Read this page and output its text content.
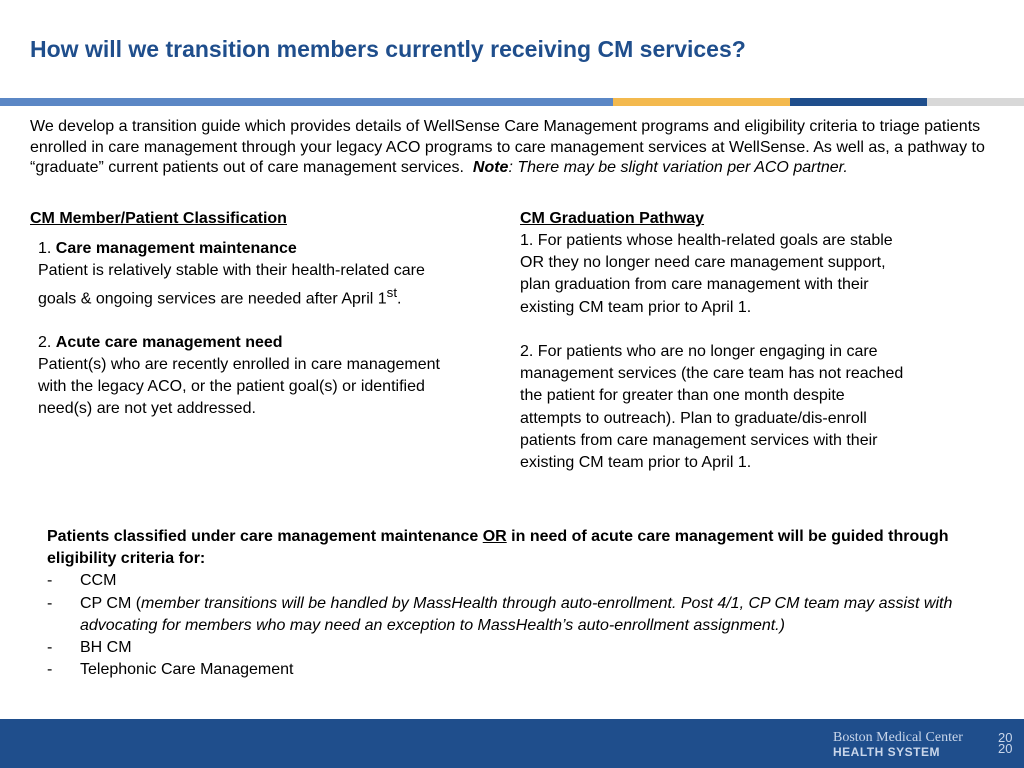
How will we transition members currently receiving CM services?

We develop a transition guide which provides details of WellSense Care Management programs and eligibility criteria to triage patients enrolled in care management through your legacy ACO programs to care management services at WellSense. As well as, a pathway to “graduate” current patients out of care management services. Note: There may be slight variation per ACO partner.

CM Member/Patient Classification

1. Care management maintenance
Patient is relatively stable with their health-related care goals & ongoing services are needed after April 1st.

2. Acute care management need
Patient(s) who are recently enrolled in care management with the legacy ACO, or the patient goal(s) or identified need(s) are not yet addressed.

CM Graduation Pathway

1. For patients whose health-related goals are stable OR they no longer need care management support, plan graduation from care management with their existing CM team prior to April 1.

2. For patients who are no longer engaging in care management services (the care team has not reached the patient for greater than one month despite attempts to outreach). Plan to graduate/dis-enroll patients from care management services with their existing CM team prior to April 1.

Patients classified under care management maintenance OR in need of acute care management will be guided through eligibility criteria for:

- CCM
- CP CM (member transitions will be handled by MassHealth through auto-enrollment. Post 4/1, CP CM team may assist with advocating for members who may need an exception to MassHealth’s auto-enrollment assignment.)
- BH CM
- Telephonic Care Management
Boston Medical Center
HEALTH SYSTEM
20
20
